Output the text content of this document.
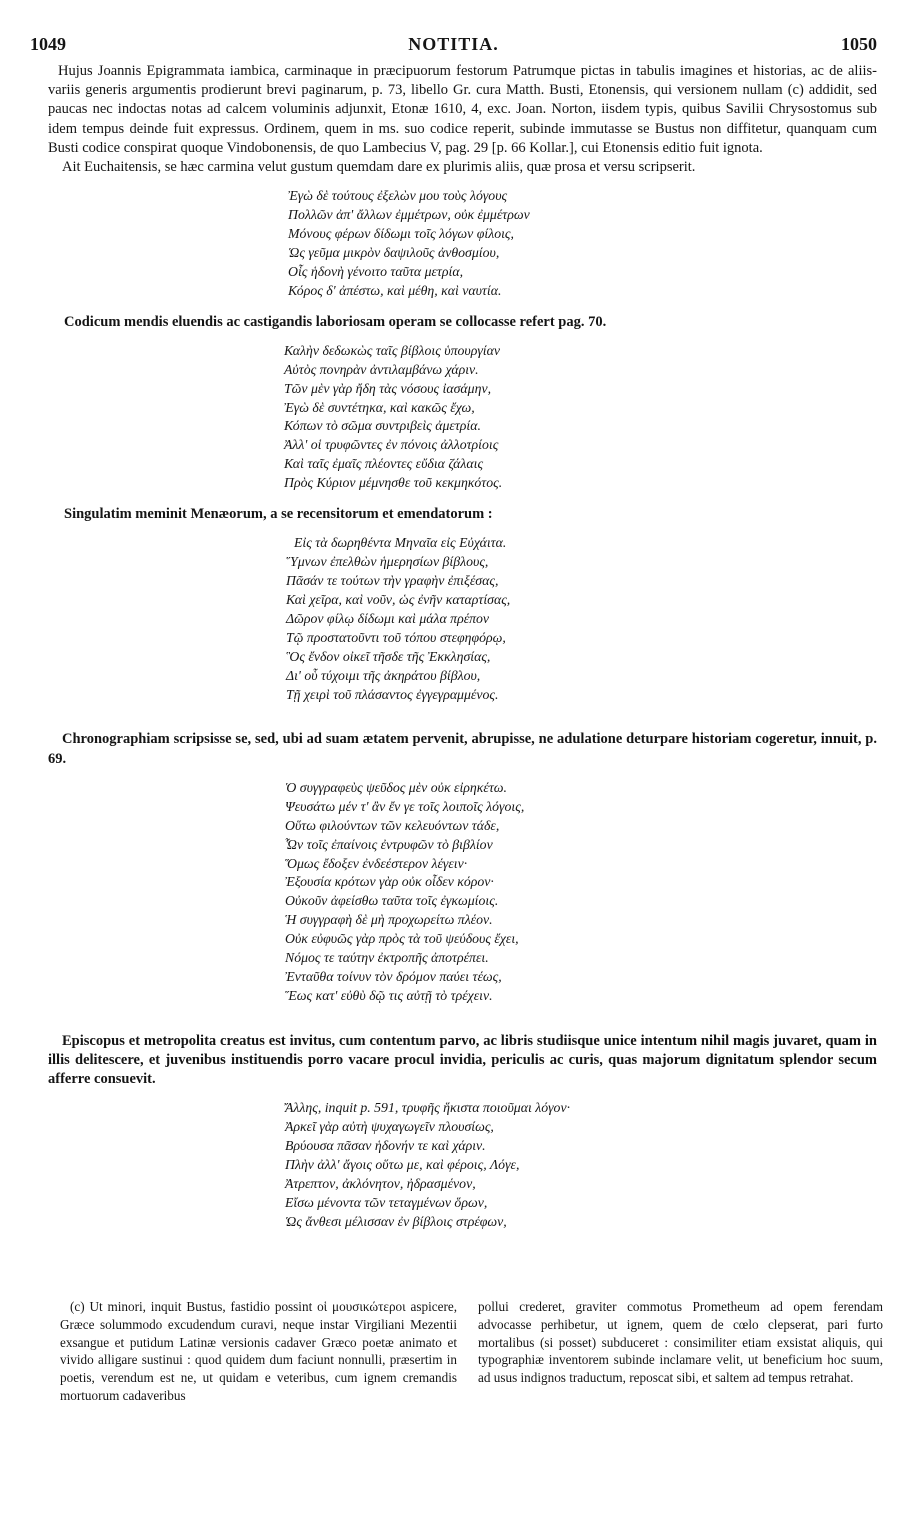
1049	NOTITIA.	1050

Hujus Joannis Epigrammata iambica, carminaque in præcipuorum festorum Patrumque pictas in tabulis imagines et historias, ac de aliis-variis generis argumentis prodierunt brevi paginarum, p. 73, libello Gr. cura Matth. Busti, Etonensis, qui versionem nullam (c) addidit, sed paucas nec indoctas notas ad calcem voluminis adjunxit, Etonæ 1610, 4, exc. Joan. Norton, iisdem typis, quibus Savilii Chrysostomus sub idem tempus deinde fuit expressus. Ordinem, quem in ms. suo codice reperit, subinde immutasse se Bustus non diffitetur, quanquam cum Busti codice conspirat quoque Vindobonensis, de quo Lambecius V, pag. 29 [p. 66 Kollar.], cui Etonensis editio fuit ignota.

Ait Euchaitensis, se hæc carmina velut gustum quemdam dare ex plurimis aliis, quæ prosa et versu scripserit.

Ἐγὼ δὲ τούτους ἐξελὼν μου τοὺς λόγους
Πολλῶν ἀπ' ἄλλων ἐμμέτρων, οὐκ ἐμμέτρων
Μόνους φέρων δίδωμι τοῖς λόγων φίλοις,
Ὡς γεῦμα μικρὸν δαψιλοῦς ἀνθοσμίου,
Οἷς ἡδονὴ γένοιτο ταῦτα μετρία,
Κόρος δ' ἀπέστω, καὶ μέθη, καὶ ναυτία.

Codicum mendis eluendis ac castigandis laboriosam operam se collocasse refert pag. 70.

Καλὴν δεδωκὼς ταῖς βίβλοις ὑπουργίαν
Αὐτὸς πονηρὰν ἀντιλαμβάνω χάριν.
Τῶν μὲν γὰρ ἤδη τὰς νόσους ἰασάμην,
Ἐγὼ δὲ συντέτηκα, καὶ κακῶς ἔχω,
Κόπων τὸ σῶμα συντριβεὶς ἀμετρία.
Ἀλλ' οἱ τρυφῶντες ἐν πόνοις ἀλλοτρίοις
Καὶ ταῖς ἐμαῖς πλέοντες εὔδια ζάλαις
Πρὸς Κύριον μέμνησθε τοῦ κεκμηκότος.

Singulatim meminit Menæorum, a se recensitorum et emendatorum :

Εἰς τὰ δωρηθέντα Μηναῖα εἰς Εὐχάιτα.
Ὕμνων ἐπελθὼν ἡμερησίων βίβλους,
Πᾶσάν τε τούτων τὴν γραφὴν ἐπιξέσας,
Καὶ χεῖρα, καὶ νοῦν, ὡς ἐνῆν καταρτίσας,
Δῶρον φίλῳ δίδωμι καὶ μάλα πρέπον
Τῷ προστατοῦντι τοῦ τόπου στεφηφόρῳ,
Ὃς ἔνδον οἰκεῖ τῆσδε τῆς Ἐκκλησίας,
Δι' οὗ τύχοιμι τῆς ἀκηράτου βίβλου,
Τῇ χειρὶ τοῦ πλάσαντος ἐγγεγραμμένος.

Chronographiam scripsisse se, sed, ubi ad suam ætatem pervenit, abrupisse, ne adulatione deturpare historiam cogeretur, innuit, p. 69.

Ὁ συγγραφεὺς ψεῦδος μὲν οὐκ εἰρηκέτω.
Ψευσάτω μέν τ' ἂν ἔν γε τοῖς λοιποῖς λόγοις,
Οὕτω φιλούντων τῶν κελευόντων τάδε,
Ὧν τοῖς ἐπαίνοις ἐντρυφῶν τὸ βιβλίον
Ὅμως ἔδοξεν ἐνδεέστερον λέγειν·
Ἐξουσία κρότων γὰρ οὐκ οἶδεν κόρον·
Οὐκοῦν ἀφείσθω ταῦτα τοῖς ἐγκωμίοις.
Ἡ συγγραφὴ δὲ μὴ προχωρείτω πλέον.
Οὐκ εὐφυῶς γὰρ πρὸς τὰ τοῦ ψεύδους ἔχει,
Νόμος τε ταύτην ἐκτροπῆς ἀποτρέπει.
Ἐνταῦθα τοίνυν τὸν δρόμον παύει τέως,
Ἕως κατ' εὐθὺ δῷ τις αὐτῇ τὸ τρέχειν.

Episcopus et metropolita creatus est invitus, cum contentum parvo, ac libris studiisque unice intentum nihil magis juvaret, quam in illis delitescere, et juvenibus instituendis porro vacare procul invidia, periculis ac curis, quas majorum dignitatum splendor secum afferre consuevit.

Ἄλλης, inquit p. 591, τρυφῆς ἥκιστα ποιοῦμαι λόγον·
Ἀρκεῖ γὰρ αὐτὴ ψυχαγωγεῖν πλουσίως,
Βρύουσα πᾶσαν ἡδονήν τε καὶ χάριν.
Πλὴν ἀλλ' ἄγοις οὕτω με, καὶ φέροις, Λόγε,
Ἀτρεπτον, ἀκλόνητον, ἠδρασμένον,
Εἴσω μένοντα τῶν τεταγμένων ὅρων,
Ὡς ἄνθεσι μέλισσαν ἐν βίβλοις στρέφων,
(c) Ut minori, inquit Bustus, fastidio possint οἱ μουσικώτεροι aspicere, Græce solummodo excudendum curavi, neque instar Virgiliani Mezentii exsangue et putidum Latinæ versionis cadaver Græco poetæ animato et vivido alligare sustinui : quod quidem dum faciunt nonnulli, præsertim in poetis, verendum est ne, ut quidam e veteribus, cum ignem cremandis mortuorum cadaveribus
pollui crederet, graviter commotus Prometheum ad opem ferendam advocasse perhibetur, ut ignem, quem de cœlo clepserat, pari furto mortalibus (si posset) subduceret : consimiliter etiam exsistat aliquis, qui typographiæ inventorem subinde inclamare velit, ut beneficium hoc suum, ad usus indignos traductum, reposcat sibi, et saltem ad tempus retrahat.
